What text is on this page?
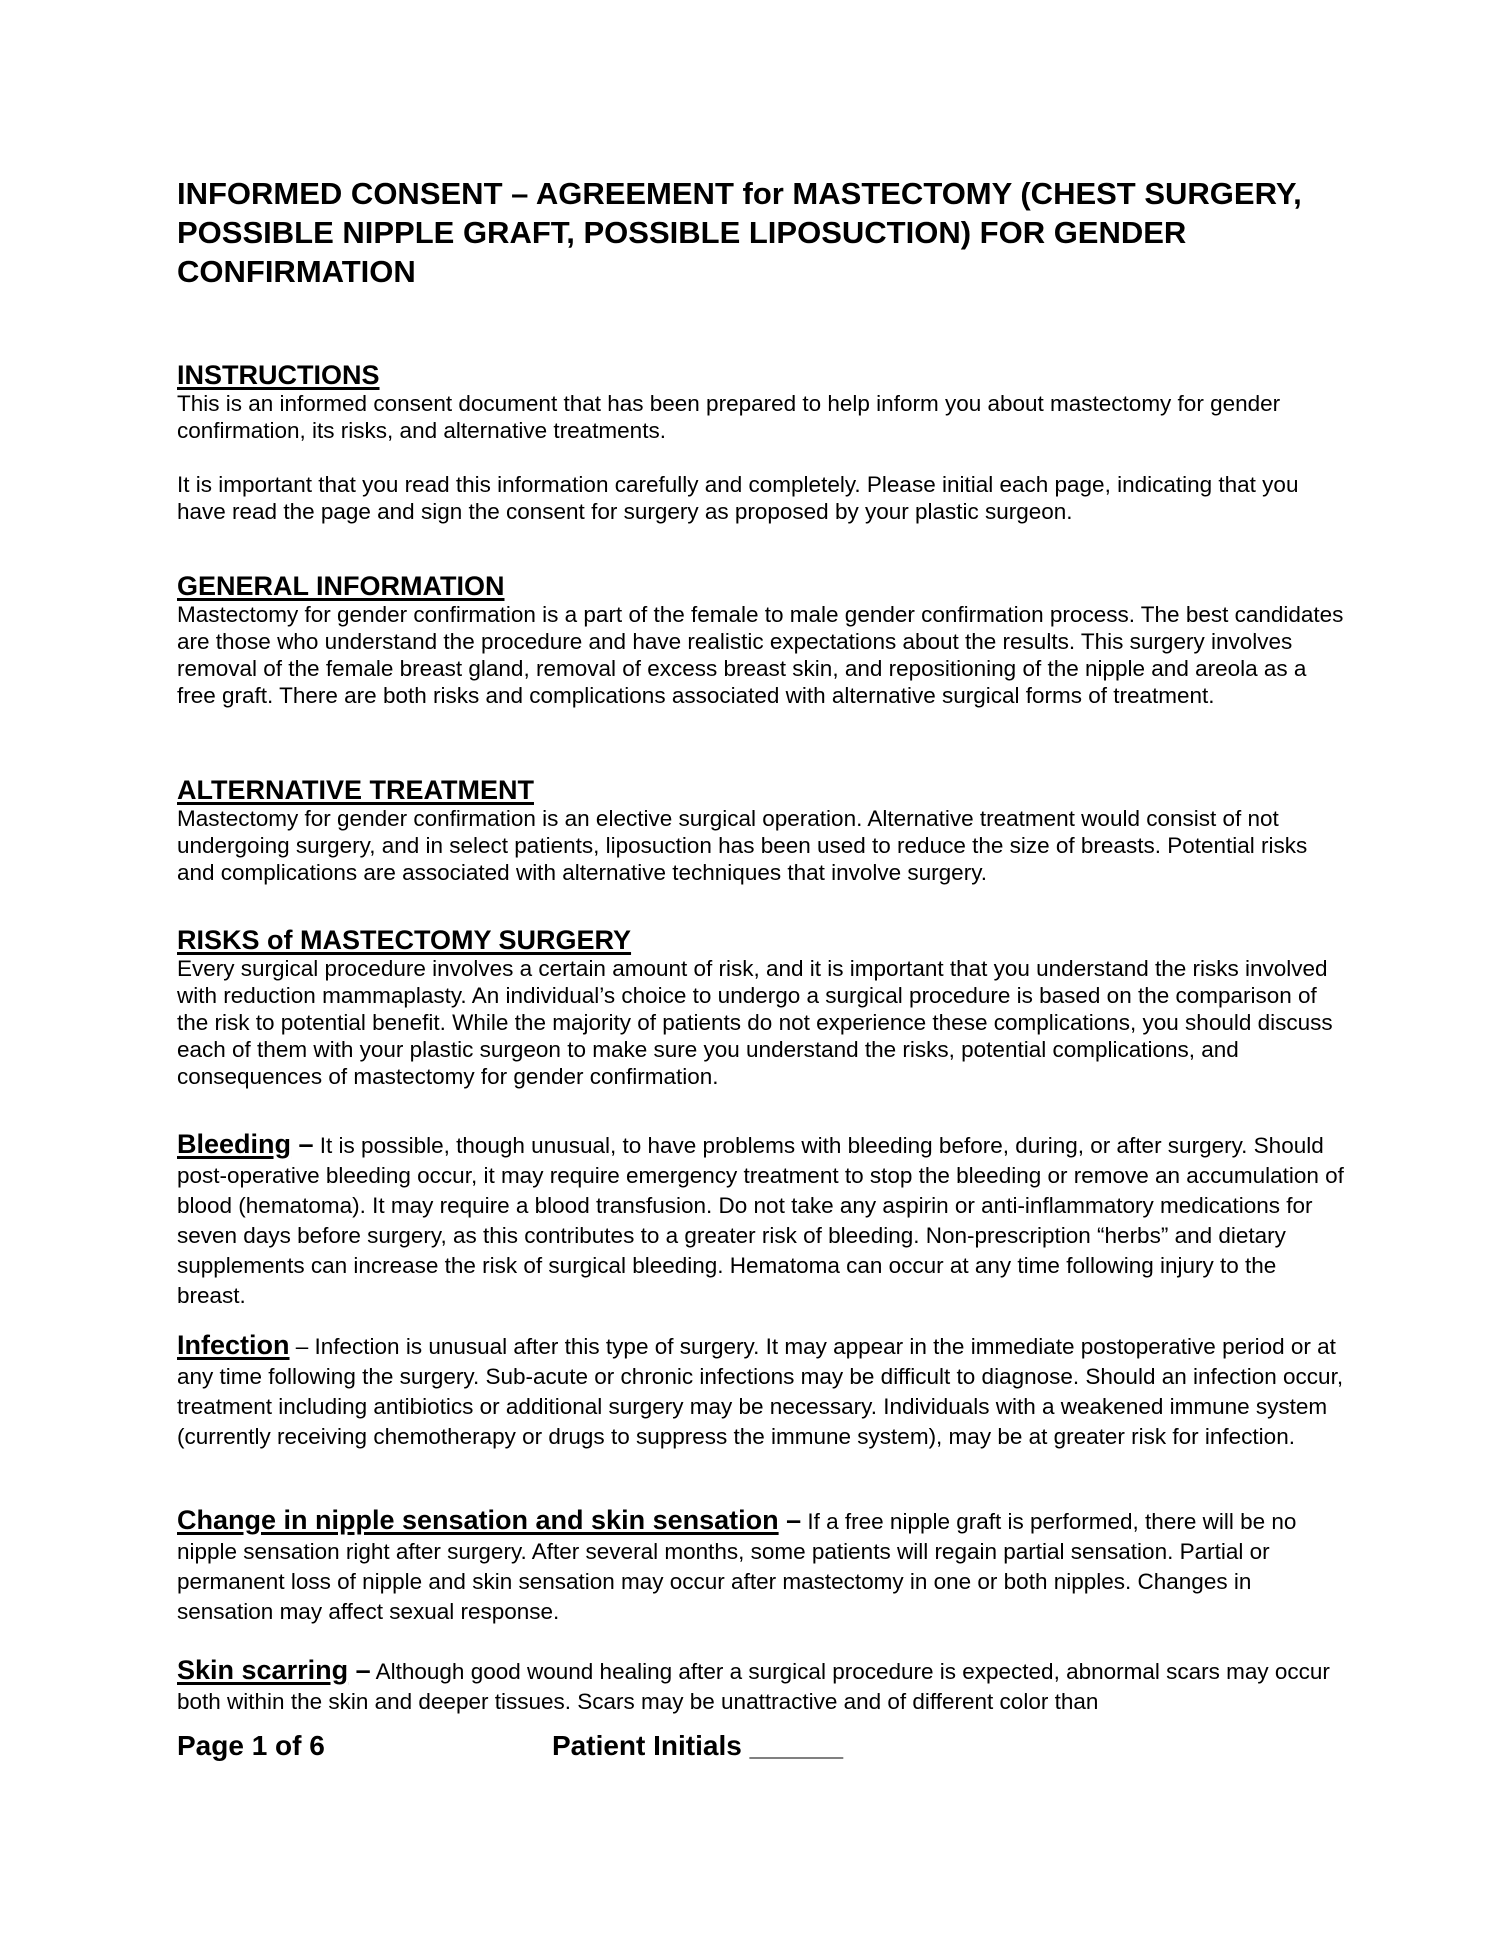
INFORMED CONSENT – AGREEMENT for MASTECTOMY (CHEST SURGERY, POSSIBLE NIPPLE GRAFT, POSSIBLE LIPOSUCTION) FOR GENDER CONFIRMATION
INSTRUCTIONS

This is an informed consent document that has been prepared to help inform you about mastectomy for gender confirmation, its risks, and alternative treatments.

It is important that you read this information carefully and completely. Please initial each page, indicating that you have read the page and sign the consent for surgery as proposed by your plastic surgeon.

GENERAL INFORMATION

Mastectomy for gender confirmation is a part of the female to male gender confirmation process. The best candidates are those who understand the procedure and have realistic expectations about the results. This surgery involves removal of the female breast gland, removal of excess breast skin, and repositioning of the nipple and areola as a free graft. There are both risks and complications associated with alternative surgical forms of treatment.

ALTERNATIVE TREATMENT

Mastectomy for gender confirmation is an elective surgical operation. Alternative treatment would consist of not undergoing surgery, and in select patients, liposuction has been used to reduce the size of breasts. Potential risks and complications are associated with alternative techniques that involve surgery.

RISKS of MASTECTOMY SURGERY

Every surgical procedure involves a certain amount of risk, and it is important that you understand the risks involved with reduction mammaplasty. An individual’s choice to undergo a surgical procedure is based on the comparison of the risk to potential benefit. While the majority of patients do not experience these complications, you should discuss each of them with your plastic surgeon to make sure you understand the risks, potential complications, and consequences of mastectomy for gender confirmation.

Bleeding – It is possible, though unusual, to have problems with bleeding before, during, or after surgery. Should post-operative bleeding occur, it may require emergency treatment to stop the bleeding or remove an accumulation of blood (hematoma). It may require a blood transfusion. Do not take any aspirin or anti-inflammatory medications for seven days before surgery, as this contributes to a greater risk of bleeding. Non-prescription “herbs” and dietary supplements can increase the risk of surgical bleeding. Hematoma can occur at any time following injury to the breast.

Infection – Infection is unusual after this type of surgery. It may appear in the immediate postoperative period or at any time following the surgery. Sub-acute or chronic infections may be difficult to diagnose. Should an infection occur, treatment including antibiotics or additional surgery may be necessary. Individuals with a weakened immune system (currently receiving chemotherapy or drugs to suppress the immune system), may be at greater risk for infection.

Change in nipple sensation and skin sensation – If a free nipple graft is performed, there will be no nipple sensation right after surgery. After several months, some patients will regain partial sensation. Partial or permanent loss of nipple and skin sensation may occur after mastectomy in one or both nipples. Changes in sensation may affect sexual response.

Skin scarring – Although good wound healing after a surgical procedure is expected, abnormal scars may occur both within the skin and deeper tissues. Scars may be unattractive and of different color than

Page 1 of 6	Patient Initials ______
